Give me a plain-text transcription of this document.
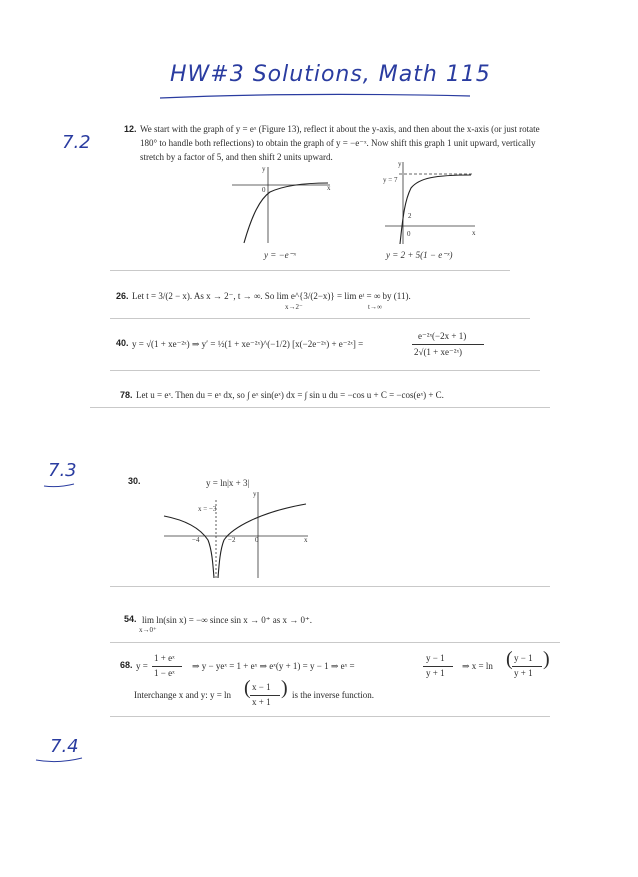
HW#3 Solutions, Math 115
7.2
7.3
7.4
12. We start with the graph of y = eˣ (Figure 13), reflect it about the y-axis, and then about the x-axis (or just rotate
180° to handle both reflections) to obtain the graph of y = −e⁻ˣ. Now shift this graph 1 unit upward, vertically
stretch by a factor of 5, and then shift 2 units upward.
y
x
0
y = −e⁻ˣ
y
y = 7
2
0	x
y = 2 + 5(1 − e⁻ˣ)
26. Let t = 3/(2 − x). As x → 2⁻, t → ∞. So lim e^{3/(2−x)} = lim eᵗ = ∞ by (11).
x→2⁻	t→∞
40. y = √(1 + xe⁻²ˣ) ⇒ y′ = ½(1 + xe⁻²ˣ)^(−1/2) [x(−2e⁻²ˣ) + e⁻²ˣ] =
e⁻²ˣ(−2x + 1)
2√(1 + xe⁻²ˣ)
78. Let u = eˣ. Then du = eˣ dx, so ∫ eˣ sin(eˣ) dx = ∫ sin u du = −cos u + C = −cos(eˣ) + C.
30.	y = ln|x + 3|
x = −3
y
−4	−2	0	x
54. lim ln(sin x) = −∞ since sin x → 0⁺ as x → 0⁺.
x→0⁺
68. y =
1 + eˣ
1 − eˣ
⇒ y − yeˣ = 1 + eˣ ⇒ eˣ(y + 1) = y − 1 ⇒ eˣ =
y − 1
y + 1
⇒ x = ln ( y − 1
y + 1
)
Interchange x and y: y = ln ( x − 1
x + 1
) is the inverse function.
